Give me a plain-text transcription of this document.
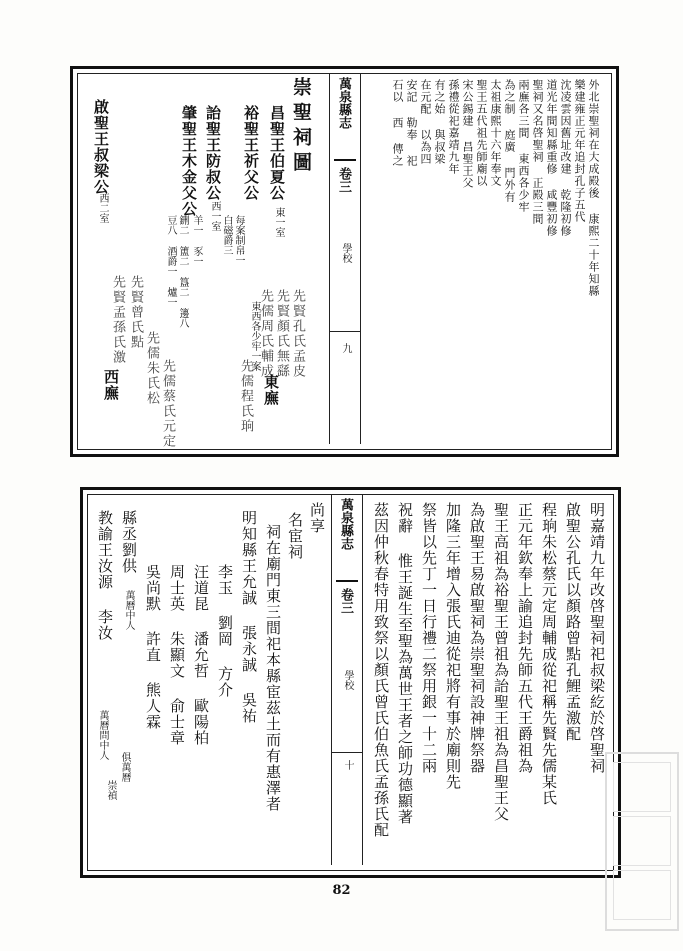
外北崇聖祠在大成殿後 康熙二十年知縣
樂建雍正元年追封孔子五代
沈凌雲因舊址改建 乾隆初修
道光年間知縣重修 咸豐初修
聖祠又名啓聖祠 正殿三間
兩廡各三間 東西各少牢
為之制 庭廣 門外有
太祖康熙十六年奉文
聖王五代祖先師廟以
宋公錫建 昌聖王父
孫禮從祀嘉靖九年
有之始 與叔梁
在元配 以為四
安記 勒奉 祀
石以 西 傳之
萬泉縣志
卷三
學校
九
崇聖祠圖
昌聖王伯夏公
東一室
裕聖王祈父公
詒聖王防叔公
西一室
肇聖王木金父公
啟聖王叔梁公
西二室
每案制帛一
白磁爵三
羊一 豕一
鉶二 簠二 簋二 籩八
豆八 酒爵一 爐一
東西各少牢一案 先賢孔氏孟皮
先賢顏氏無繇
先儒周氏輔成
先儒程氏珦
先賢曾氏點
先賢孟孫氏激
先儒朱氏松 先儒蔡氏元定	東廡
西廡
明嘉靖九年改啓聖祠祀叔梁紇於啓聖祠
啟聖公孔氏以顏路曾點孔鯉孟激配
程珦朱松蔡元定周輔成從祀稱先賢先儒某氏
正元年欽奉上諭追封先師五代王爵祖為
聖王高祖為裕聖王曾祖為詒聖王祖為昌聖王父
為啟聖王易啟聖祠為崇聖祠設神牌祭器
加隆三年增入張氏迪從祀將有事於廟則先
祭皆以先丁一日行禮二祭用銀一十二兩
祝辭 惟王誕生至聖為萬世王者之師功德顯著
茲因仲秋春特用致祭以顏氏曾氏伯魚氏孟孫氏配
萬泉縣志
卷三
學校
十
尚享
名宦祠
祠在廟門東三間祀本縣宦茲土而有惠澤者
明知縣王允誠 張永誠 吳祐
李玉 劉岡 方介
汪道昆 潘允哲 歐陽柏
周士英 朱顯文 俞士章
俱萬曆
吳尚默 許直 熊人霖
崇禎
縣丞劉供
萬曆中人
教諭王汝源 李汝
萬曆問中人
82
